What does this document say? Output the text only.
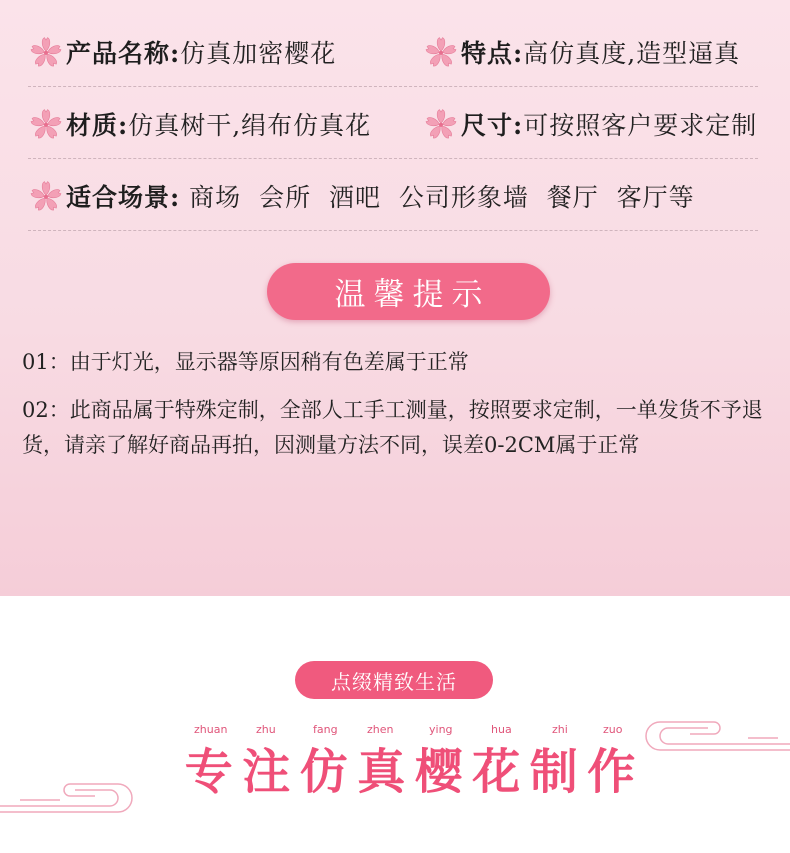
产品名称: 仿真加密樱花	特点: 高仿真度,造型逼真
材质: 仿真树干,绢布仿真花	尺寸: 可按照客户要求定制
适合场景: 商场  会所  酒吧  公司形象墙  餐厅  客厅等
温馨提示

01：由于灯光，显示器等原因稍有色差属于正常

02：此商品属于特殊定制，全部人工手工测量，按照要求定制，一单发货不予退货，请亲了解好商品再拍，因测量方法不同，误差0-2CM属于正常

点缀精致生活
zhuan	zhu	fang	zhen	ying	hua	zhi	zuo
专 注 仿 真 樱 花 制 作
